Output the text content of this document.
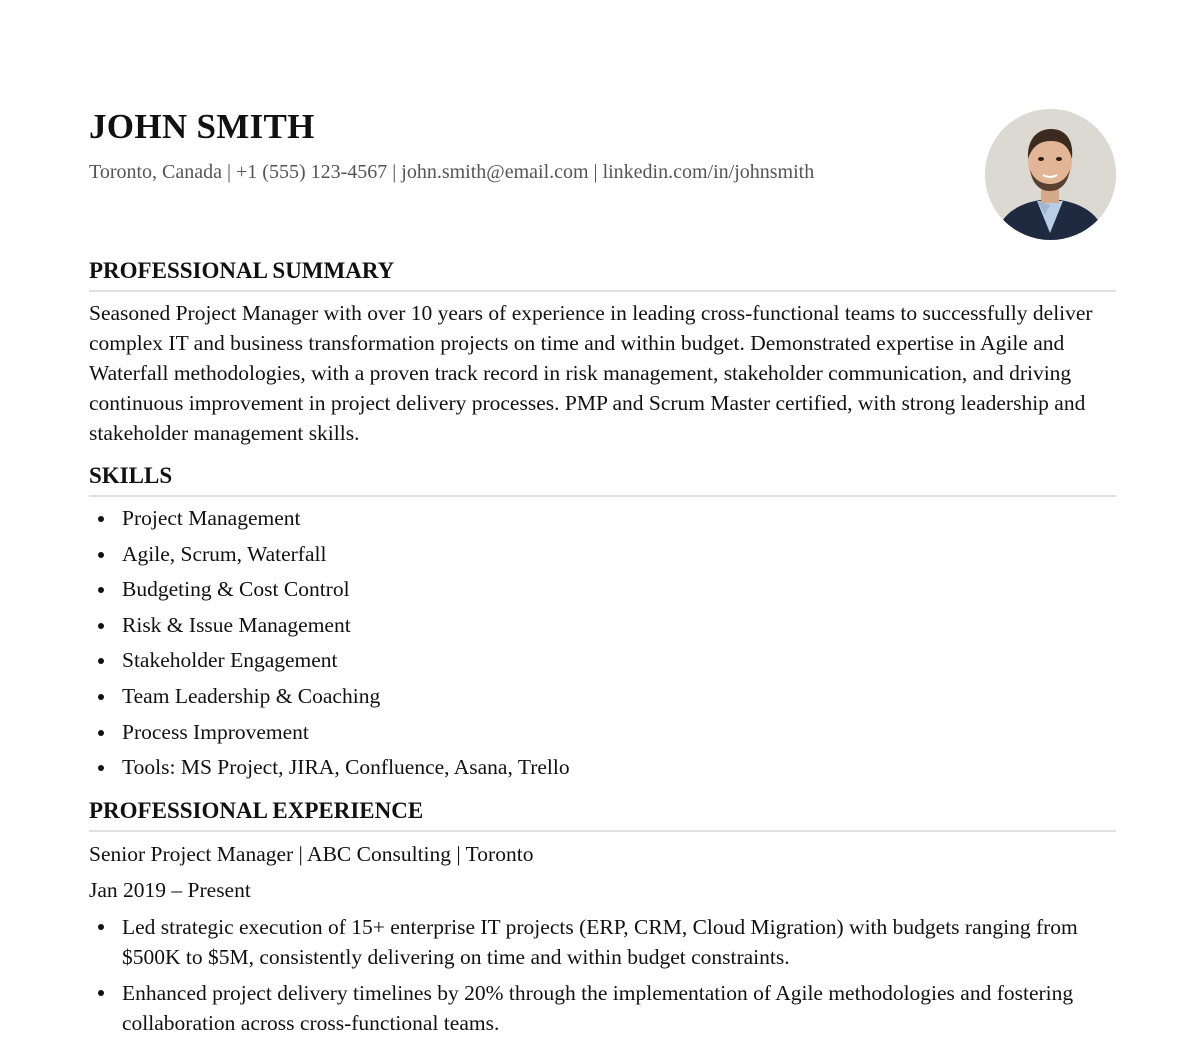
JOHN SMITH

Toronto, Canada | +1 (555) 123-4567 | john.smith@email.com | linkedin.com/in/johnsmith

PROFESSIONAL SUMMARY

Seasoned Project Manager with over 10 years of experience in leading cross-functional teams to successfully deliver complex IT and business transformation projects on time and within budget. Demonstrated expertise in Agile and Waterfall methodologies, with a proven track record in risk management, stakeholder communication, and driving continuous improvement in project delivery processes. PMP and Scrum Master certified, with strong leadership and stakeholder management skills.

SKILLS
Project Management
Agile, Scrum, Waterfall
Budgeting & Cost Control
Risk & Issue Management
Stakeholder Engagement
Team Leadership & Coaching
Process Improvement
Tools: MS Project, JIRA, Confluence, Asana, Trello
PROFESSIONAL EXPERIENCE

Senior Project Manager | ABC Consulting | Toronto

Jan 2019 – Present

Led strategic execution of 15+ enterprise IT projects (ERP, CRM, Cloud Migration) with budgets ranging from $500K to $5M, consistently delivering on time and within budget constraints.
Enhanced project delivery timelines by 20% through the implementation of Agile methodologies and fostering collaboration across cross-functional teams.
